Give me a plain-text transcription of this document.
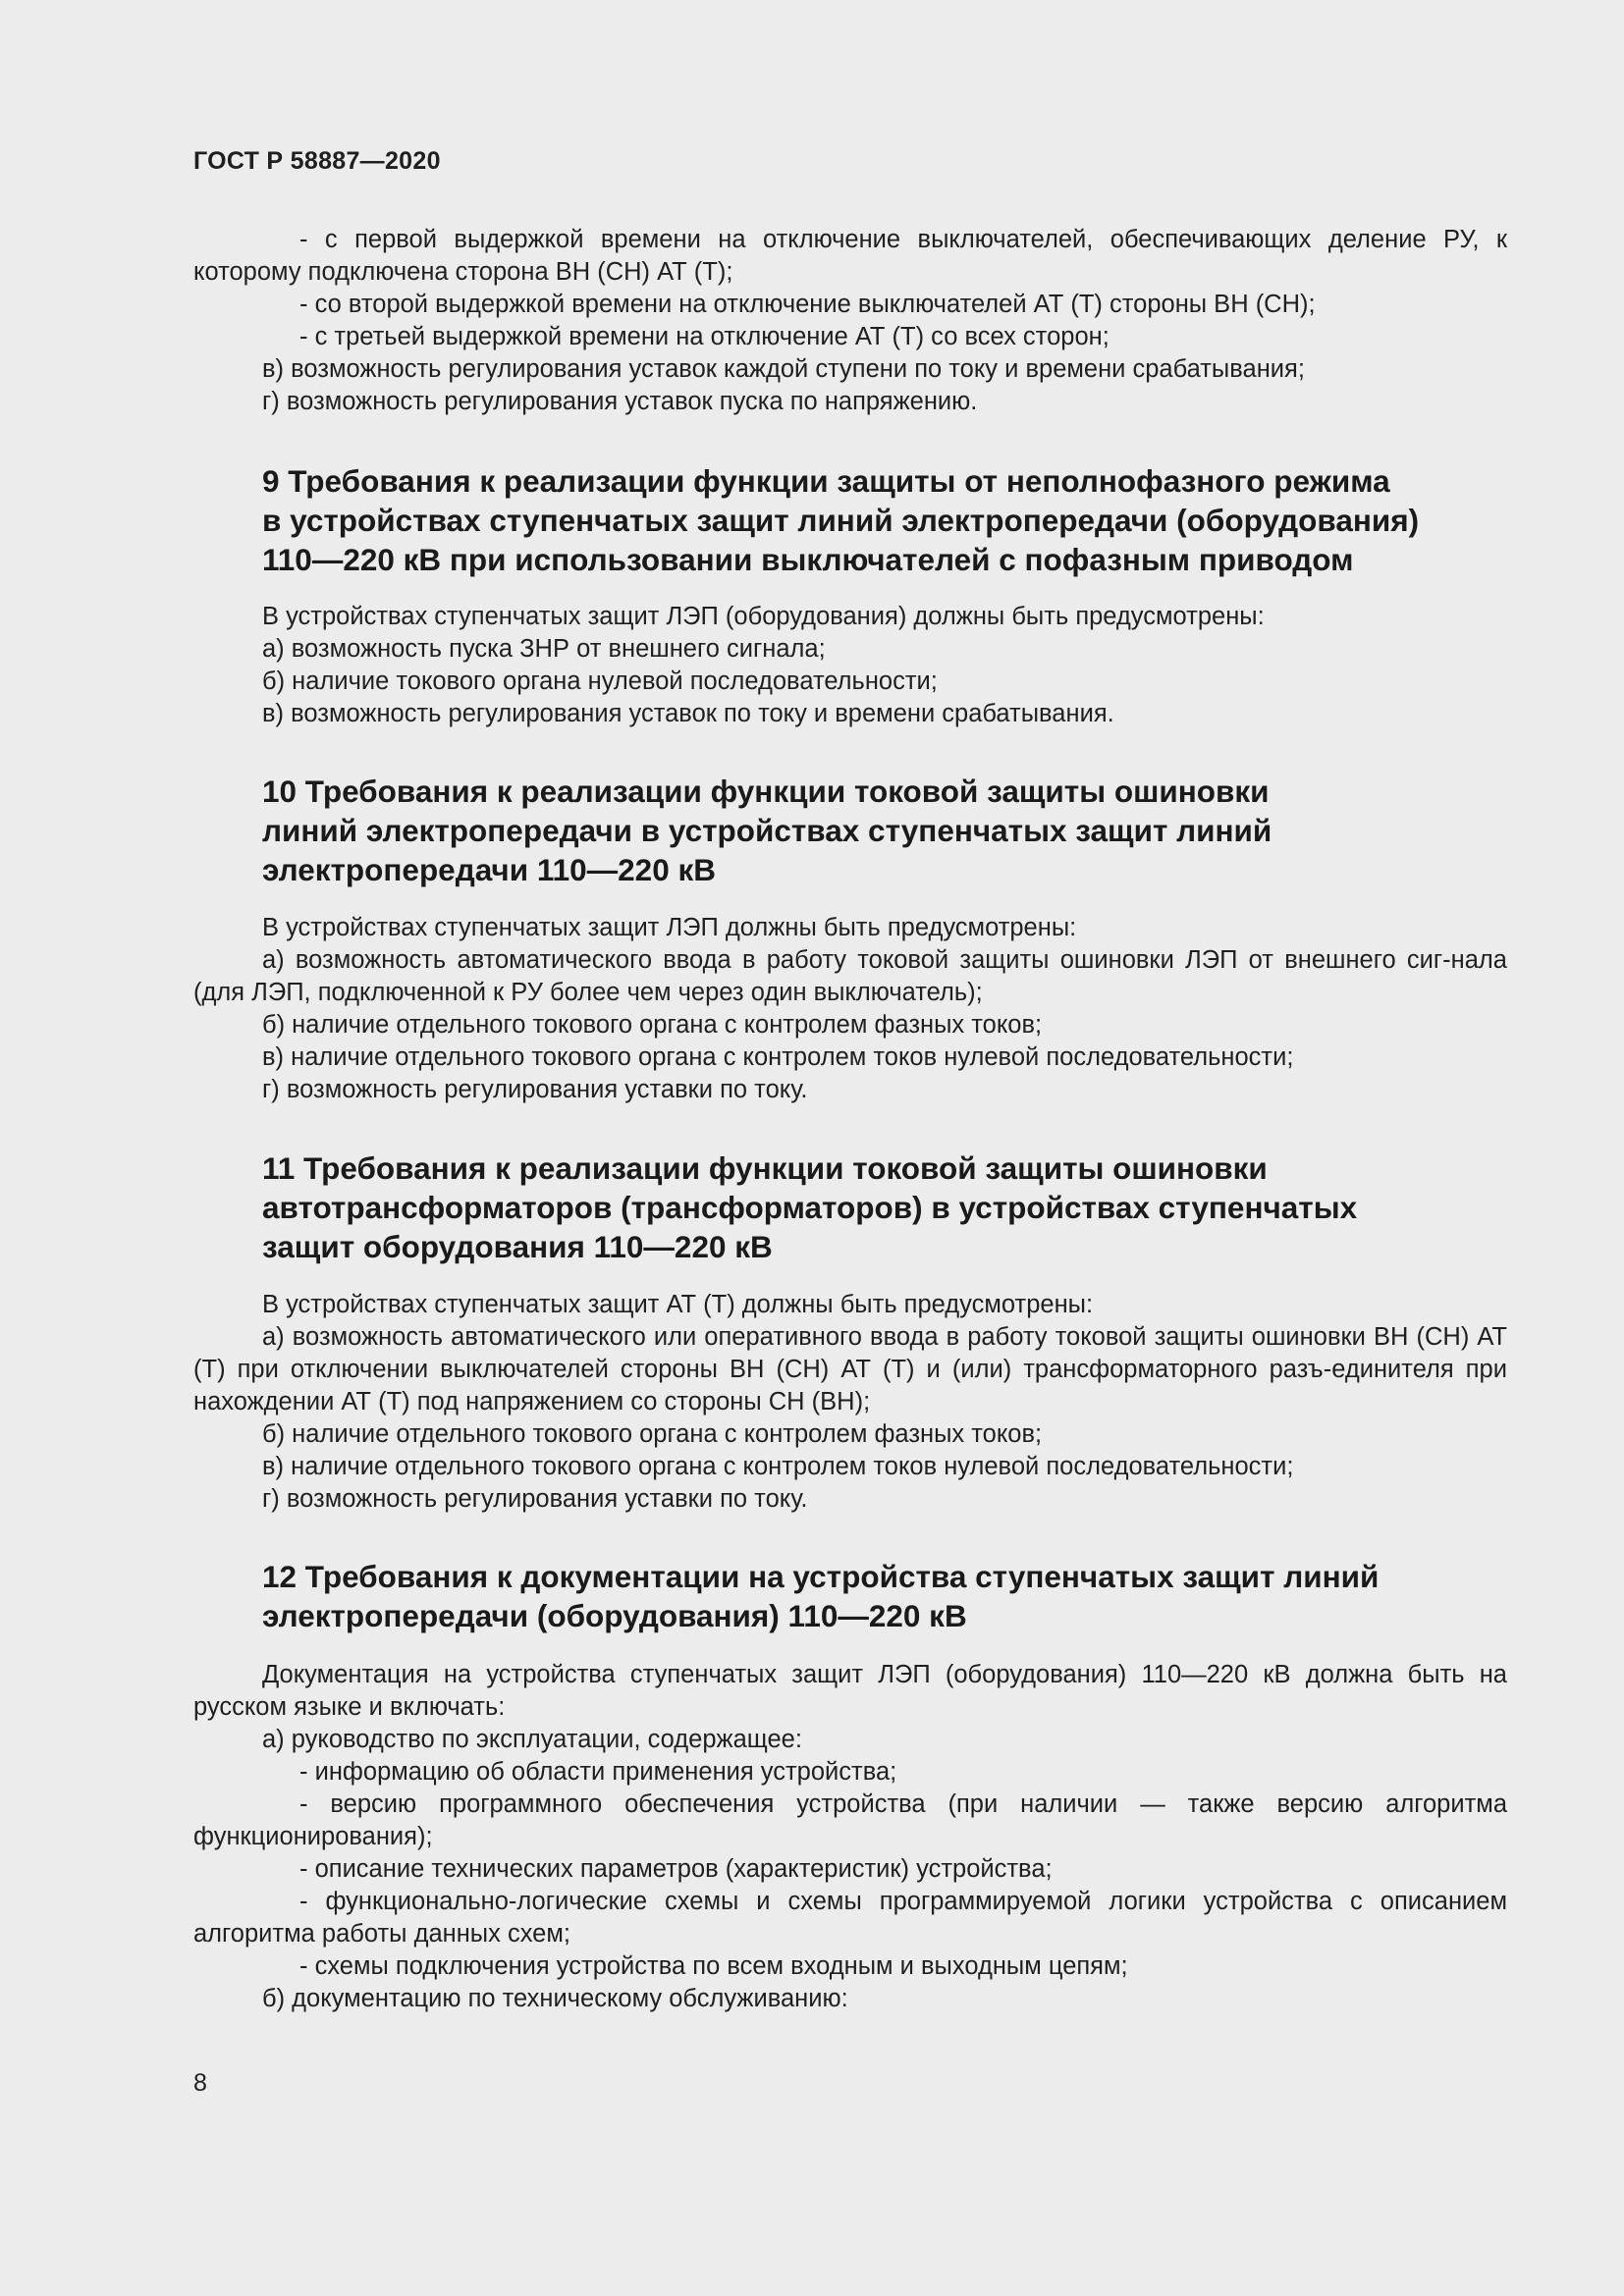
ГОСТ Р 58887—2020

- с первой выдержкой времени на отключение выключателей, обеспечивающих деление РУ, к которому подключена сторона ВН (СН) АТ (Т);

- со второй выдержкой времени на отключение выключателей АТ (Т) стороны ВН (СН);

- с третьей выдержкой времени на отключение АТ (Т) со всех сторон;

в) возможность регулирования уставок каждой ступени по току и времени срабатывания;

г) возможность регулирования уставок пуска по напряжению.

9 Требования к реализации функции защиты от неполнофазного режима

в устройствах ступенчатых защит линий электропередачи (оборудования)

110—220 кВ при использовании выключателей с пофазным приводом

В устройствах ступенчатых защит ЛЭП (оборудования) должны быть предусмотрены:

а) возможность пуска ЗНР от внешнего сигнала;

б) наличие токового органа нулевой последовательности;

в) возможность регулирования уставок по току и времени срабатывания.

10 Требования к реализации функции токовой защиты ошиновки

линий электропередачи в устройствах ступенчатых защит линий

электропередачи 110—220 кВ

В устройствах ступенчатых защит ЛЭП должны быть предусмотрены:

а) возможность автоматического ввода в работу токовой защиты ошиновки ЛЭП от внешнего сиг-нала (для ЛЭП, подключенной к РУ более чем через один выключатель);

б) наличие отдельного токового органа с контролем фазных токов;

в) наличие отдельного токового органа с контролем токов нулевой последовательности;

г) возможность регулирования уставки по току.

11 Требования к реализации функции токовой защиты ошиновки

автотрансформаторов (трансформаторов) в устройствах ступенчатых

защит оборудования 110—220 кВ

В устройствах ступенчатых защит АТ (Т) должны быть предусмотрены:

а) возможность автоматического или оперативного ввода в работу токовой защиты ошиновки ВН (СН) АТ (Т) при отключении выключателей стороны ВН (СН) АТ (Т) и (или) трансформаторного разъ-единителя при нахождении АТ (Т) под напряжением со стороны СН (ВН);

б) наличие отдельного токового органа с контролем фазных токов;

в) наличие отдельного токового органа с контролем токов нулевой последовательности;

г) возможность регулирования уставки по току.

12 Требования к документации на устройства ступенчатых защит линий

электропередачи (оборудования) 110—220 кВ

Документация на устройства ступенчатых защит ЛЭП (оборудования) 110—220 кВ должна быть на русском языке и включать:

а) руководство по эксплуатации, содержащее:

- информацию об области применения устройства;

- версию программного обеспечения устройства (при наличии — также версию алгоритма функционирования);

- описание технических параметров (характеристик) устройства;

- функционально-логические схемы и схемы программируемой логики устройства с описанием алгоритма работы данных схем;

- схемы подключения устройства по всем входным и выходным цепям;

б) документацию по техническому обслуживанию:

8
